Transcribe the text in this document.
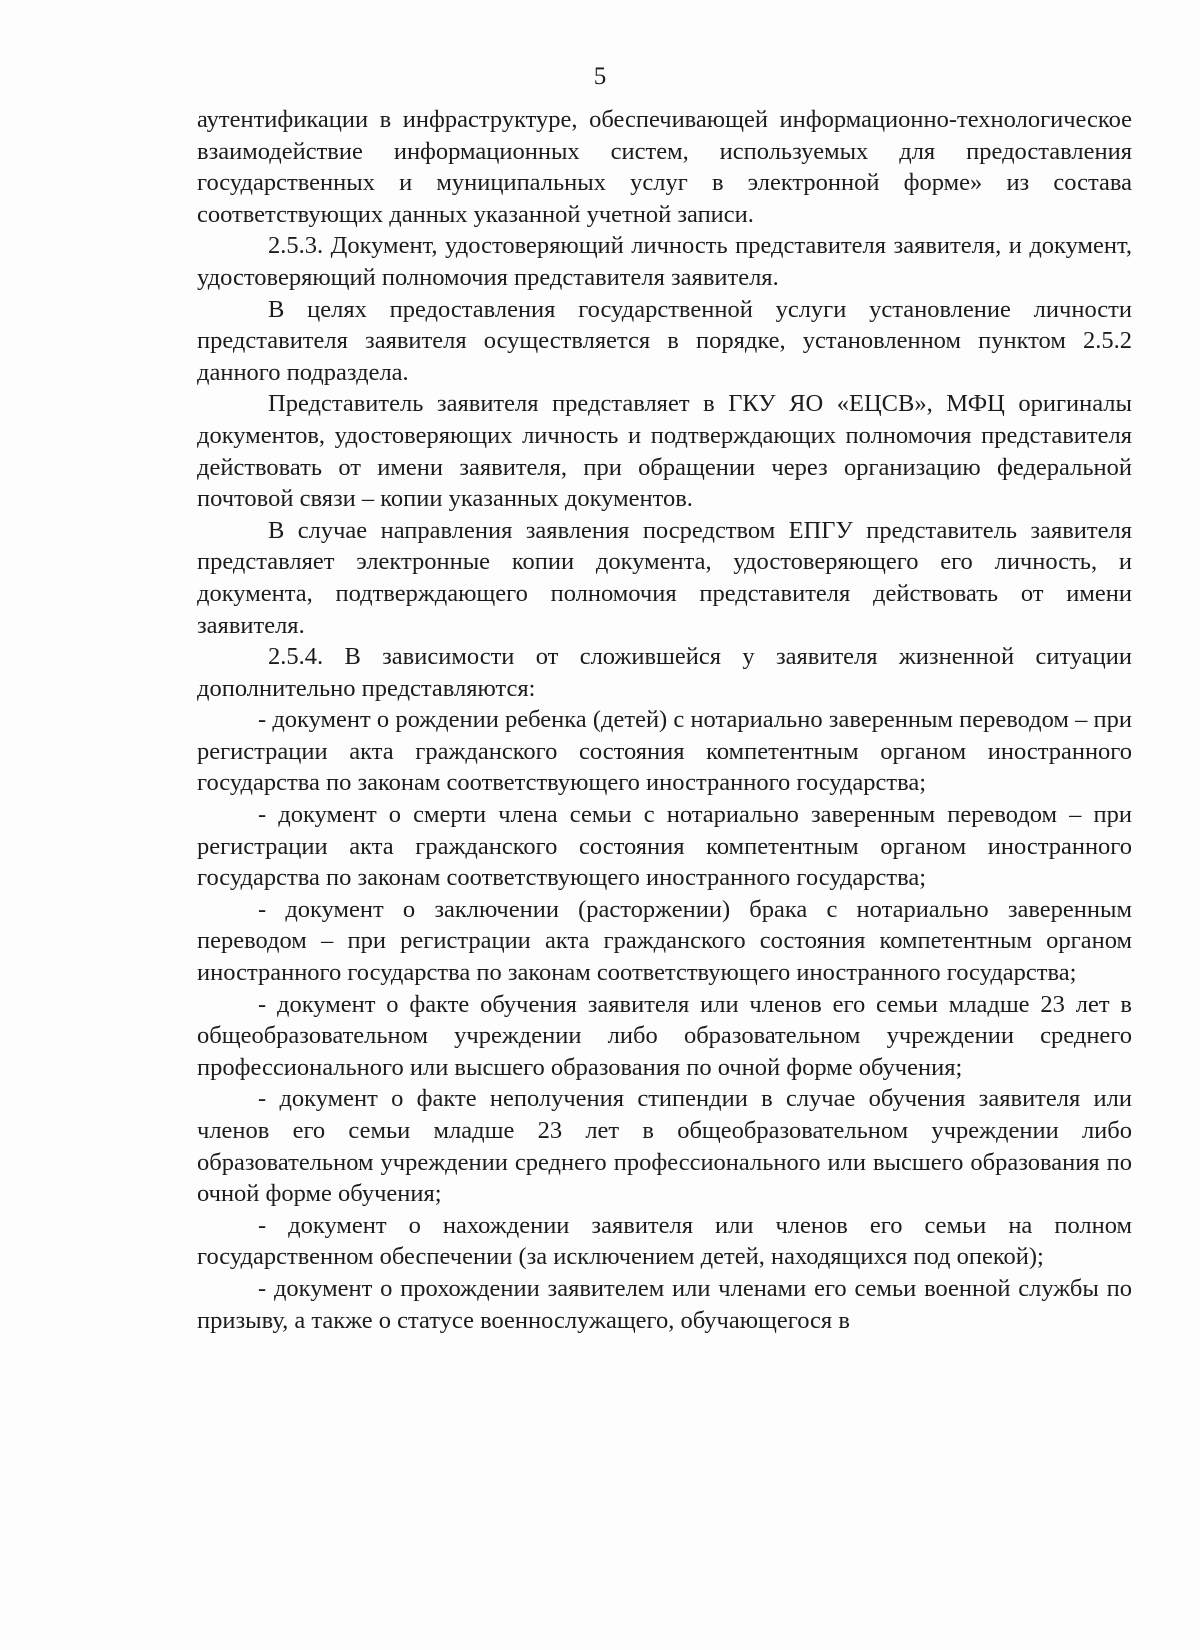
5

аутентификации в инфраструктуре, обеспечивающей информационно-технологическое взаимодействие информационных систем, используемых для предоставления государственных и муниципальных услуг в электронной форме» из состава соответствующих данных указанной учетной записи.

2.5.3. Документ, удостоверяющий личность представителя заявителя, и документ, удостоверяющий полномочия представителя заявителя.

В целях предоставления государственной услуги установление личности представителя заявителя осуществляется в порядке, установленном пунктом 2.5.2 данного подраздела.

Представитель заявителя представляет в ГКУ ЯО «ЕЦСВ», МФЦ оригиналы документов, удостоверяющих личность и подтверждающих полномочия представителя действовать от имени заявителя, при обращении через организацию федеральной почтовой связи – копии указанных документов.

В случае направления заявления посредством ЕПГУ представитель заявителя представляет электронные копии документа, удостоверяющего его личность, и документа, подтверждающего полномочия представителя действовать от имени заявителя.

2.5.4. В зависимости от сложившейся у заявителя жизненной ситуации дополнительно представляются:

- документ о рождении ребенка (детей) с нотариально заверенным переводом – при регистрации акта гражданского состояния компетентным органом иностранного государства по законам соответствующего иностранного государства;

- документ о смерти члена семьи с нотариально заверенным переводом – при регистрации акта гражданского состояния компетентным органом иностранного государства по законам соответствующего иностранного государства;

- документ о заключении (расторжении) брака с нотариально заверенным переводом – при регистрации акта гражданского состояния компетентным органом иностранного государства по законам соответствующего иностранного государства;

- документ о факте обучения заявителя или членов его семьи младше 23 лет в общеобразовательном учреждении либо образовательном учреждении среднего профессионального или высшего образования по очной форме обучения;

- документ о факте неполучения стипендии в случае обучения заявителя или членов его семьи младше 23 лет в общеобразовательном учреждении либо образовательном учреждении среднего профессионального или высшего образования по очной форме обучения;

- документ о нахождении заявителя или членов его семьи на полном государственном обеспечении (за исключением детей, находящихся под опекой);

- документ о прохождении заявителем или членами его семьи военной службы по призыву, а также о статусе военнослужащего, обучающегося в
